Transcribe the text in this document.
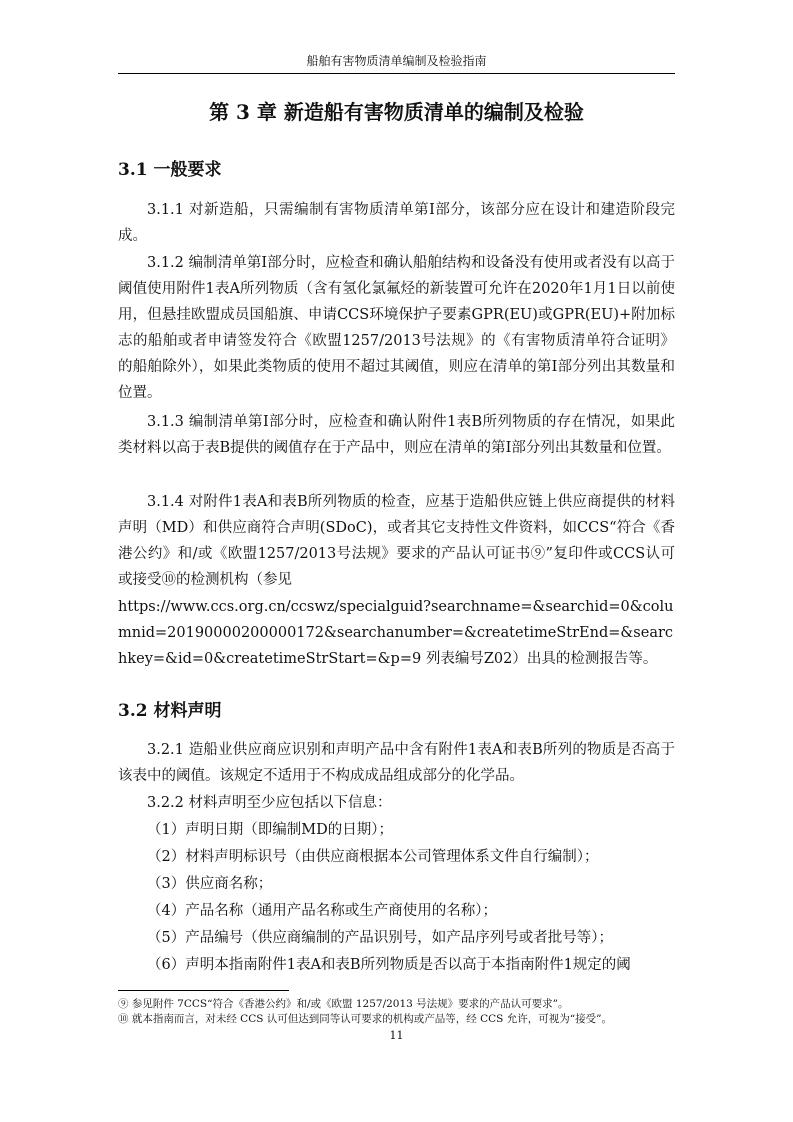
船舶有害物质清单编制及检验指南
第 3 章 新造船有害物质清单的编制及检验
3.1 一般要求

3.1.1 对新造船，只需编制有害物质清单第I部分，该部分应在设计和建造阶段完成。

3.1.2 编制清单第I部分时，应检查和确认船舶结构和设备没有使用或者没有以高于阈值使用附件1表A所列物质（含有氢化氯氟烃的新装置可允许在2020年1月1日以前使用，但悬挂欧盟成员国船旗、申请CCS环境保护子要素GPR(EU)或GPR(EU)+附加标志的船舶或者申请签发符合《欧盟1257/2013号法规》的《有害物质清单符合证明》的船舶除外），如果此类物质的使用不超过其阈值，则应在清单的第I部分列出其数量和位置。

3.1.3 编制清单第I部分时，应检查和确认附件1表B所列物质的存在情况，如果此类材料以高于表B提供的阈值存在于产品中，则应在清单的第I部分列出其数量和位置。

3.1.4 对附件1表A和表B所列物质的检查，应基于造船供应链上供应商提供的材料声明（MD）和供应商符合声明(SDoC)，或者其它支持性文件资料，如CCS“符合《香港公约》和/或《欧盟1257/2013号法规》要求的产品认可证书⑨”复印件或CCS认可或接受⑩的检测机构（参见

https://www.ccs.org.cn/ccswz/specialguid?searchname=&searchid=0&columnid=20190000200000172&searchanumber=&createtimeStrEnd=&searchkey=&id=0&createtimeStrStart=&p=9 列表编号Z02）出具的检测报告等。

3.2 材料声明

3.2.1 造船业供应商应识别和声明产品中含有附件1表A和表B所列的物质是否高于该表中的阈值。该规定不适用于不构成成品组成部分的化学品。

3.2.2 材料声明至少应包括以下信息：

（1）声明日期（即编制MD的日期）；
（2）材料声明标识号（由供应商根据本公司管理体系文件自行编制）；
（3）供应商名称；
（4）产品名称（通用产品名称或生产商使用的名称）；
（5）产品编号（供应商编制的产品识别号，如产品序列号或者批号等）；
（6）声明本指南附件1表A和表B所列物质是否以高于本指南附件1规定的阈
⑨ 参见附件 7CCS“符合《香港公约》和/或《欧盟 1257/2013 号法规》要求的产品认可要求”。
⑩ 就本指南而言，对未经 CCS 认可但达到同等认可要求的机构或产品等，经 CCS 允许，可视为“接受”。
11
